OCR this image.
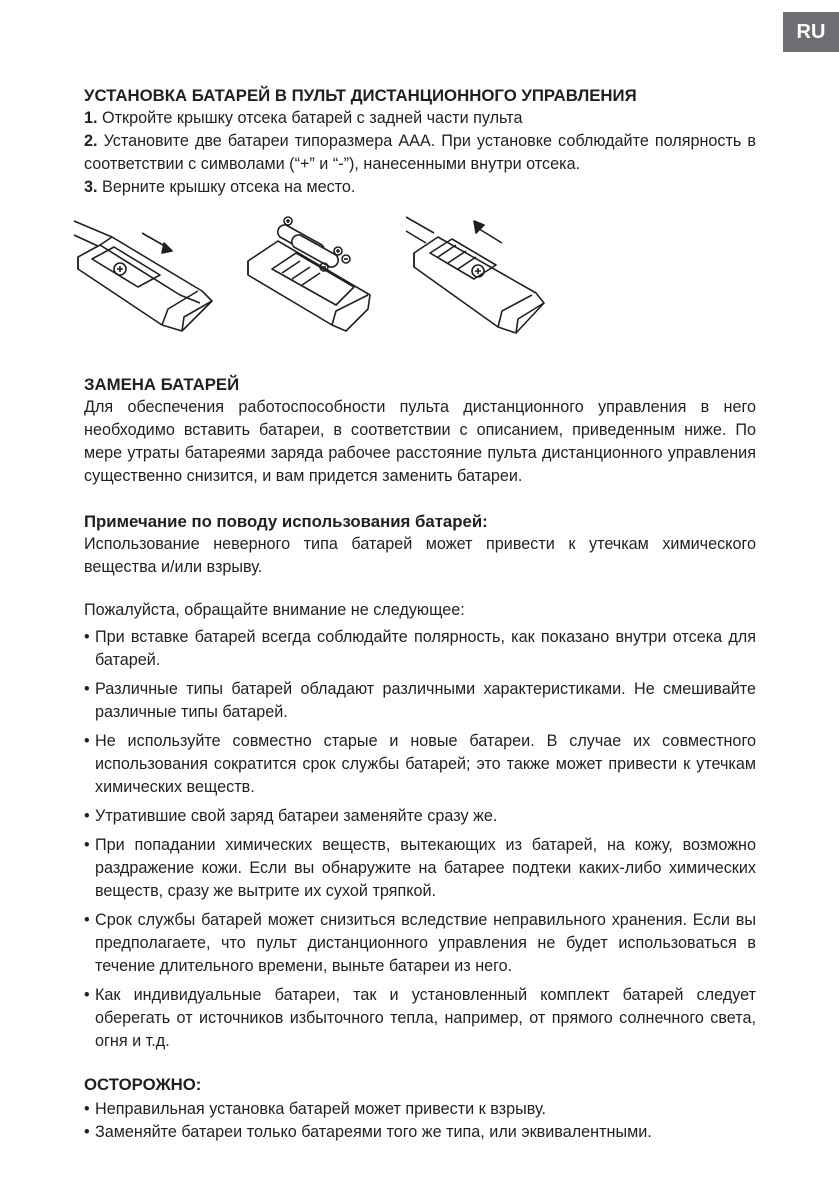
RU

УСТАНОВКА БАТАРЕЙ В ПУЛЬТ ДИСТАНЦИОННОГО УПРАВЛЕНИЯ

1. Откройте крышку отсека батарей с задней части пульта

2. Установите две батареи типоразмера ААА. При установке соблюдайте полярность в соответствии с символами (“+” и “-”), нанесенными внутри отсека.

3. Верните крышку отсека на место.

ЗАМЕНА БАТАРЕЙ

Для обеспечения работоспособности пульта дистанционного управления в него необходимо вставить батареи, в соответствии с описанием, приведенным ниже. По мере утраты батареями заряда рабочее расстояние пульта дистанционного управления существенно снизится, и вам придется заменить батареи.

Примечание по поводу использования батарей:

Использование неверного типа батарей может привести к утечкам химического вещества и/или взрыву.

Пожалуйста, обращайте внимание не следующее:

• При вставке батарей всегда соблюдайте полярность, как показано внутри отсека для батарей.
• Различные типы батарей обладают различными характеристиками. Не смешивайте различные типы батарей.
• Не используйте совместно старые и новые батареи. В случае их совместного использования сократится срок службы батарей; это также может привести к утечкам химических веществ.
• Утратившие свой заряд батареи заменяйте сразу же.
• При попадании химических веществ, вытекающих из батарей, на кожу, возможно раздражение кожи. Если вы обнаружите на батарее подтеки каких-либо химических веществ, сразу же вытрите их сухой тряпкой.
• Срок службы батарей может снизиться вследствие неправильного хранения. Если вы предполагаете, что пульт дистанционного управления не будет использоваться в течение длительного времени, выньте батареи из него.
• Как индивидуальные батареи, так и установленный комплект батарей следует оберегать от источников избыточного тепла, например, от прямого солнечного света, огня и т.д.

ОСТОРОЖНО:

• Неправильная установка батарей может привести к взрыву.
• Заменяйте батареи только батареями того же типа, или эквивалентными.
